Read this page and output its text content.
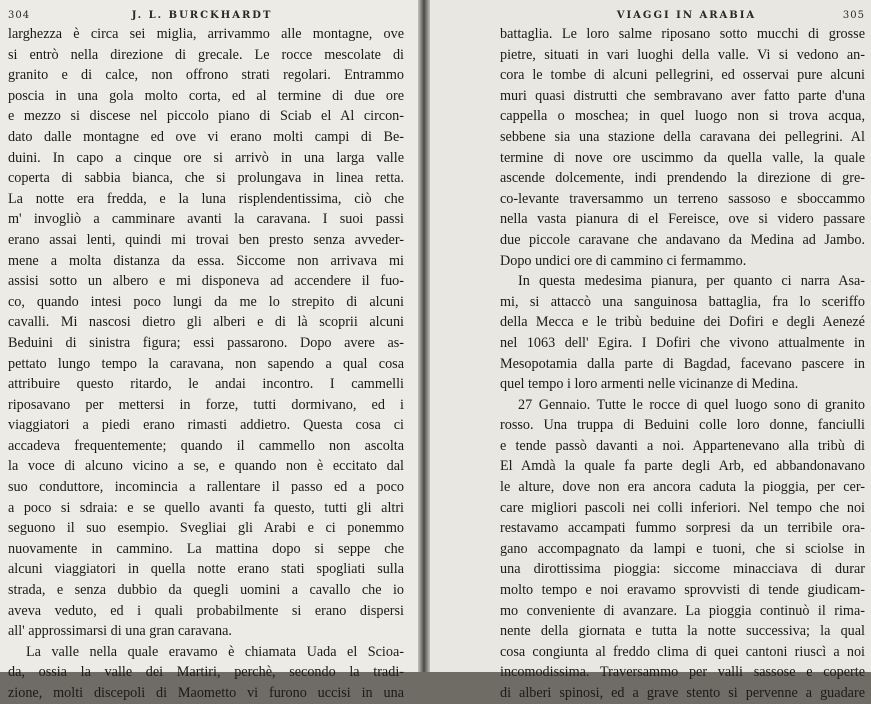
304	J. L. BURCKHARDT
larghezza è circa sei miglia, arrivammo alle montagne, ove
si entrò nella direzione di grecale. Le rocce mescolate di
granito e di calce, non offrono strati regolari. Entrammo
poscia in una gola molto corta, ed al termine di due ore
e mezzo si discese nel piccolo piano di Sciab el Al circon-
dato dalle montagne ed ove vi erano molti campi di Be-
duini. In capo a cinque ore si arrivò in una larga valle
coperta di sabbia bianca, che si prolungava in linea retta.
La notte era fredda, e la luna risplendentissima, ciò che
m' invogliò a camminare avanti la caravana. I suoi passi
erano assai lenti, quindi mi trovai ben presto senza avveder-
mene a molta distanza da essa. Siccome non arrivava mi
assisi sotto un albero e mi disponeva ad accendere il fuo-
co, quando intesi poco lungi da me lo strepito di alcuni
cavalli. Mi nascosi dietro gli alberi e di là scoprii alcuni
Beduini di sinistra figura; essi passarono. Dopo avere as-
pettato lungo tempo la caravana, non sapendo a qual cosa
attribuire questo ritardo, le andai incontro. I cammelli
riposavano per mettersi in forze, tutti dormivano, ed i
viaggiatori a piedi erano rimasti addietro. Questa cosa ci
accadeva frequentemente; quando il cammello non ascolta
la voce di alcuno vicino a se, e quando non è eccitato dal
suo conduttore, incomincia a rallentare il passo ed a poco
a poco si sdraia: e se quello avanti fa questo, tutti gli altri
seguono il suo esempio. Svegliai gli Arabi e ci ponemmo
nuovamente in cammino. La mattina dopo si seppe che
alcuni viaggiatori in quella notte erano stati spogliati sulla
strada, e senza dubbio da quegli uomini a cavallo che io
aveva veduto, ed i quali probabilmente si erano dispersi
all' approssimarsi di una gran caravana.
La valle nella quale eravamo è chiamata Uada el Scioa-
da, ossia la valle dei Martiri, perchè, secondo la tradi-
zione, molti discepoli di Maometto vi furono uccisi in una
VIAGGI IN ARABIA	305
battaglia. Le loro salme riposano sotto mucchi di grosse
pietre, situati in vari luoghi della valle. Vi si vedono an-
cora le tombe di alcuni pellegrini, ed osservai pure alcuni
muri quasi distrutti che sembravano aver fatto parte d'una
cappella o moschea; in quel luogo non si trova acqua,
sebbene sia una stazione della caravana dei pellegrini. Al
termine di nove ore uscimmo da quella valle, la quale
ascende dolcemente, indi prendendo la direzione di gre-
co-levante traversammo un terreno sassoso e sboccammo
nella vasta pianura di el Fereisce, ove si videro passare
due piccole caravane che andavano da Medina ad Jambo.
Dopo undici ore di cammino ci fermammo.
In questa medesima pianura, per quanto ci narra Asa-
mi, si attaccò una sanguinosa battaglia, fra lo sceriffo
della Mecca e le tribù beduine dei Dofiri e degli Aenezé
nel 1063 dell' Egira. I Dofiri che vivono attualmente in
Mesopotamia dalla parte di Bagdad, facevano pascere in
quel tempo i loro armenti nelle vicinanze di Medina.
27 Gennaio. Tutte le rocce di quel luogo sono di granito
rosso. Una truppa di Beduini colle loro donne, fanciulli
e tende passò davanti a noi. Appartenevano alla tribù di
El Amdà la quale fa parte degli Arb, ed abbandonavano
le alture, dove non era ancora caduta la pioggia, per cer-
care migliori pascoli nei colli inferiori. Nel tempo che noi
restavamo accampati fummo sorpresi da un terribile ora-
gano accompagnato da lampi e tuoni, che si sciolse in
una dirottissima pioggia: siccome minacciava di durar
molto tempo e noi eravamo sprovvisti di tende giudicam-
mo conveniente di avanzare. La pioggia continuò il rima-
nente della giornata e tutta la notte successiva; la qual
cosa congiunta al freddo clima di quei cantoni riuscì a noi
incomodissima. Traversammo per valli sassose e coperte
di alberi spinosi, ed a grave stento si pervenne a guadare
